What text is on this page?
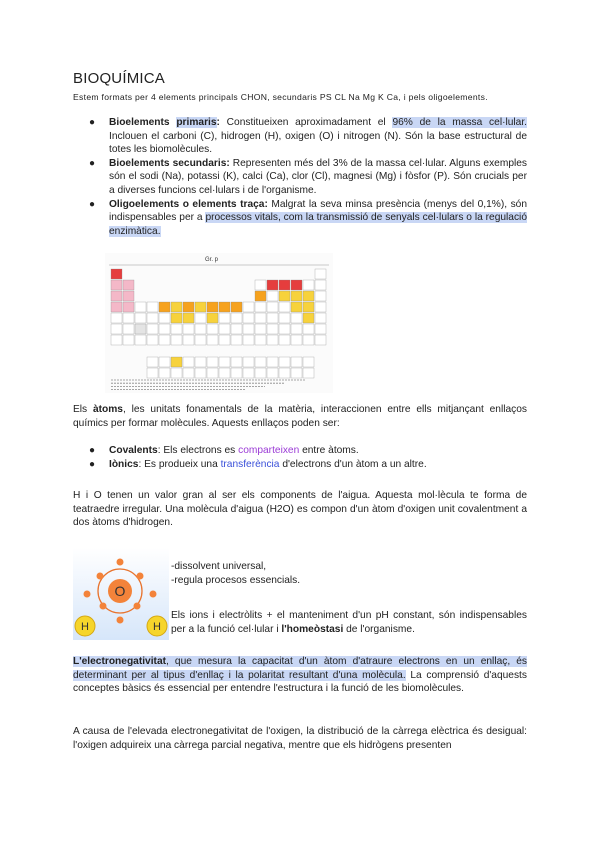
BIOQUÍMICA
Estem formats per 4 elements principals CHON, secundaris PS CL Na Mg K Ca, i pels oligoelements.
● Bioelements primaris: Constitueixen aproximadament el 96% de la massa cel·lular. Inclouen el carboni (C), hidrogen (H), oxigen (O) i nitrogen (N). Són la base estructural de totes les biomolècules.
● Bioelements secundaris: Representen més del 3% de la massa cel·lular. Alguns exemples són el sodi (Na), potassi (K), calci (Ca), clor (Cl), magnesi (Mg) i fòsfor (P). Són crucials per a diverses funcions cel·lulars i de l'organisme.
● Oligoelements o elements traça: Malgrat la seva minsa presència (menys del 0,1%), són indispensables per a processos vitals, com la transmissió de senyals cel·lulars o la regulació enzimàtica.
Gr. p
Els àtoms, les unitats fonamentals de la matèria, interaccionen entre ells mitjançant enllaços químics per formar molècules. Aquests enllaços poden ser:
● Covalents: Els electrons es comparteixen entre àtoms.
● Iònics: Es produeix una transferència d'electrons d'un àtom a un altre.
H i O tenen un valor gran al ser els components de l'aigua. Aquesta mol·lècula te forma de teatraedre irregular. Una molècula d'aigua (H2O) es compon d'un àtom d'oxigen unit covalentment a dos àtoms d'hidrogen.
O
H	H
-dissolvent universal,
-regula procesos essencials.
Els ions i electròlits + el manteniment d'un pH constant, són indispensables per a la funció cel·lular i l'homeòstasi de l'organisme.
L'electronegativitat, que mesura la capacitat d'un àtom d'atraure electrons en un enllaç, és determinant per al tipus d'enllaç i la polaritat resultant d'una molècula. La comprensió d'aquests conceptes bàsics és essencial per entendre l'estructura i la funció de les biomolècules.
A causa de l'elevada electronegativitat de l'oxigen, la distribució de la càrrega elèctrica és desigual: l'oxigen adquireix una càrrega parcial negativa, mentre que els hidrògens presenten
